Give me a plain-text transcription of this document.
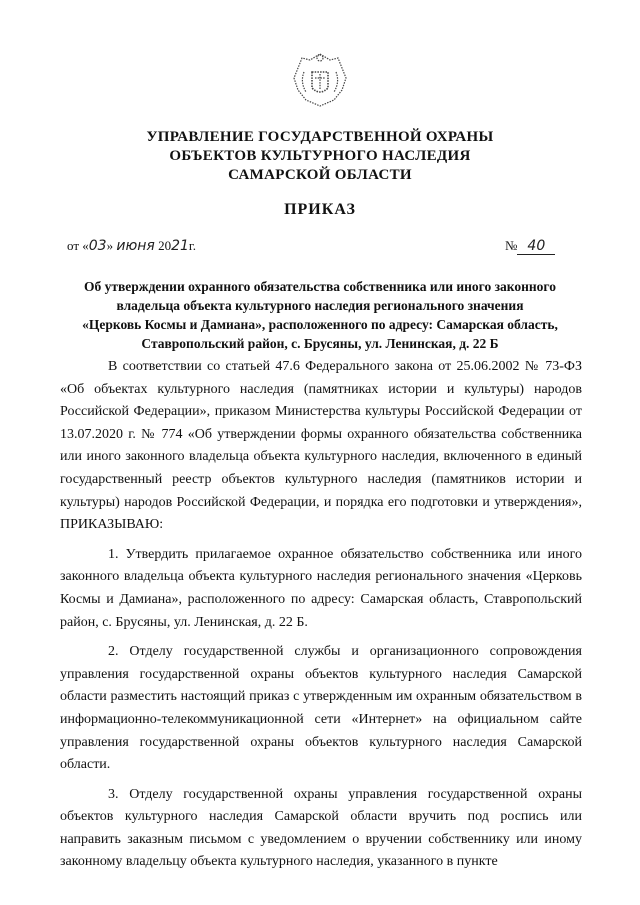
УПРАВЛЕНИЕ ГОСУДАРСТВЕННОЙ ОХРАНЫ
ОБЪЕКТОВ КУЛЬТУРНОГО НАСЛЕДИЯ
САМАРСКОЙ ОБЛАСТИ
ПРИКАЗ
от «03» июня 2021г.	№ 40
Об утверждении охранного обязательства собственника или иного законного
владельца объекта культурного наследия регионального значения
«Церковь Космы и Дамиана», расположенного по адресу: Самарская область,
Ставропольский район, с. Брусяны, ул. Ленинская, д. 22 Б

В соответствии со статьей 47.6 Федерального закона от 25.06.2002 № 73-ФЗ «Об объектах культурного наследия (памятниках истории и культуры) народов Российской Федерации», приказом Министерства культуры Российской Федерации от 13.07.2020 г. № 774 «Об утверждении формы охранного обязательства собственника или иного законного владельца объекта культурного наследия, включенного в единый государственный реестр объектов культурного наследия (памятников истории и культуры) народов Российской Федерации, и порядка его подготовки и утверждения», ПРИКАЗЫВАЮ:

1. Утвердить прилагаемое охранное обязательство собственника или иного законного владельца объекта культурного наследия регионального значения «Церковь Космы и Дамиана», расположенного по адресу: Самарская область, Ставропольский район, с. Брусяны, ул. Ленинская, д. 22 Б.

2. Отделу государственной службы и организационного сопровождения управления государственной охраны объектов культурного наследия Самарской области разместить настоящий приказ с утвержденным им охранным обязательством в информационно-телекоммуникационной сети «Интернет» на официальном сайте управления государственной охраны объектов культурного наследия Самарской области.

3. Отделу государственной охраны управления государственной охраны объектов культурного наследия Самарской области вручить под роспись или направить заказным письмом с уведомлением о вручении собственнику или иному законному владельцу объекта культурного наследия, указанного в пункте
